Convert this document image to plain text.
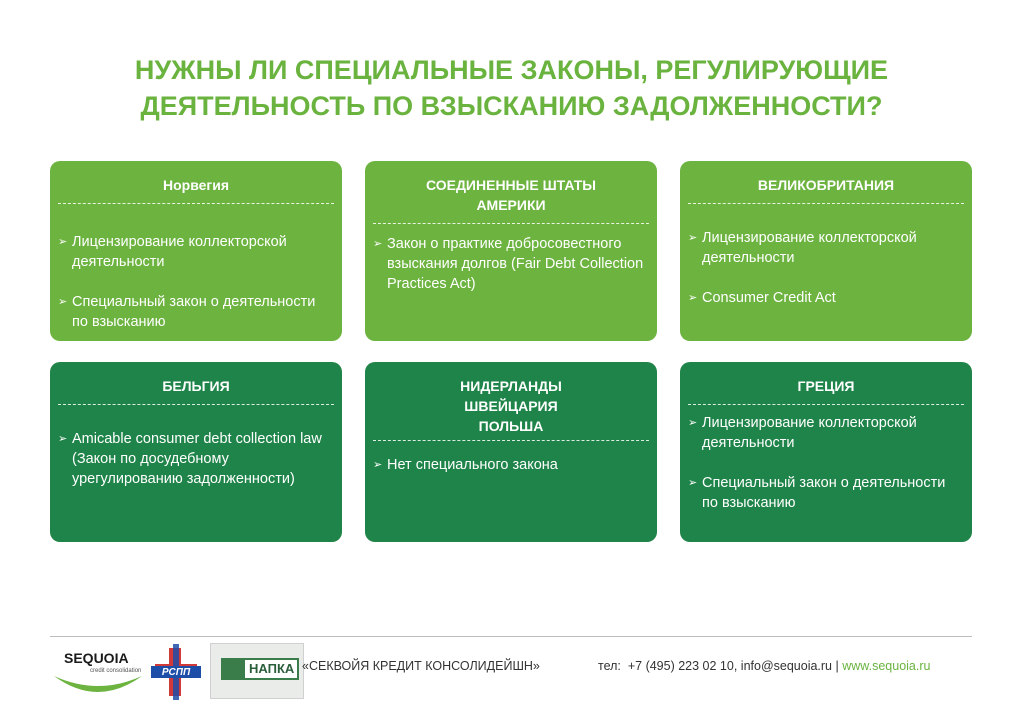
НУЖНЫ ЛИ СПЕЦИАЛЬНЫЕ ЗАКОНЫ, РЕГУЛИРУЮЩИЕ
ДЕЯТЕЛЬНОСТЬ ПО ВЗЫСКАНИЮ ЗАДОЛЖЕННОСТИ?
Норвегия
➢ Лицензирование коллекторской деятельности
➢ Специальный закон о деятельности по взысканию
СОЕДИНЕННЫЕ ШТАТЫ
АМЕРИКИ
➢ Закон о практике добросовестного взыскания долгов (Fair Debt Collection Practices Act)
ВЕЛИКОБРИТАНИЯ
➢ Лицензирование коллекторской деятельности
➢ Consumer Credit Act
БЕЛЬГИЯ
➢ Amicable consumer debt collection law (Закон по досудебному урегулированию задолженности)
НИДЕРЛАНДЫ
ШВЕЙЦАРИЯ
ПОЛЬША
➢ Нет специального закона
ГРЕЦИЯ
➢ Лицензирование коллекторской деятельности
➢ Специальный закон о деятельности по взысканию
SEQUOIA
credit consolidation РСПП	НАПКА «СЕКВОЙЯ КРЕДИТ КОНСОЛИДЕЙШН»	тел: +7 (495) 223 02 10, info@sequoia.ru | www.sequoia.ru
